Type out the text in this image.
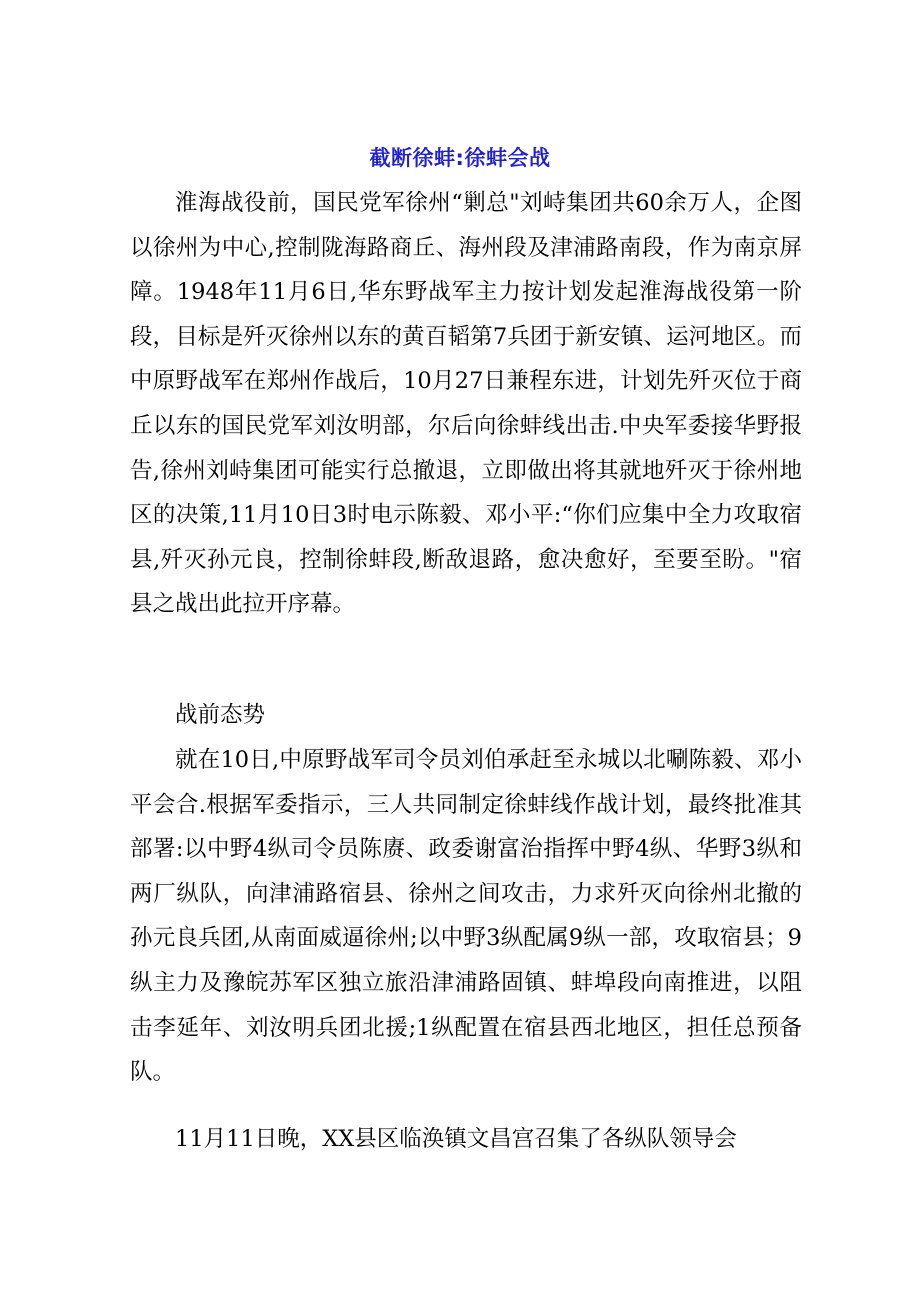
截断徐蚌:徐蚌会战

淮海战役前，国民党军徐州“剿总"刘峙集团共60余万人，企图以徐州为中心,控制陇海路商丘、海州段及津浦路南段，作为南京屏障。1948年11月6日,华东野战军主力按计划发起淮海战役第一阶段，目标是歼灭徐州以东的黄百韬第7兵团于新安镇、运河地区。而中原野战军在郑州作战后，10月27日兼程东进，计划先歼灭位于商丘以东的国民党军刘汝明部，尔后向徐蚌线出击.中央军委接华野报告,徐州刘峙集团可能实行总撤退，立即做出将其就地歼灭于徐州地区的决策,11月10日3时电示陈毅、邓小平:“你们应集中全力攻取宿县,歼灭孙元良，控制徐蚌段,断敌退路，愈决愈好，至要至盼。"宿县之战出此拉开序幕。

战前态势

就在10日,中原野战军司令员刘伯承赶至永城以北唰陈毅、邓小平会合.根据军委指示，三人共同制定徐蚌线作战计划，最终批准其部署:以中野4纵司令员陈赓、政委谢富治指挥中野4纵、华野3纵和两厂纵队，向津浦路宿县、徐州之间攻击，力求歼灭向徐州北撤的孙元良兵团,从南面威逼徐州;以中野3纵配属9纵一部，攻取宿县；9纵主力及豫皖苏军区独立旅沿津浦路固镇、蚌埠段向南推进，以阻击李延年、刘汝明兵团北援;1纵配置在宿县西北地区，担任总预备队。

11月11日晚，XX县区临涣镇文昌宫召集了各纵队领导会
